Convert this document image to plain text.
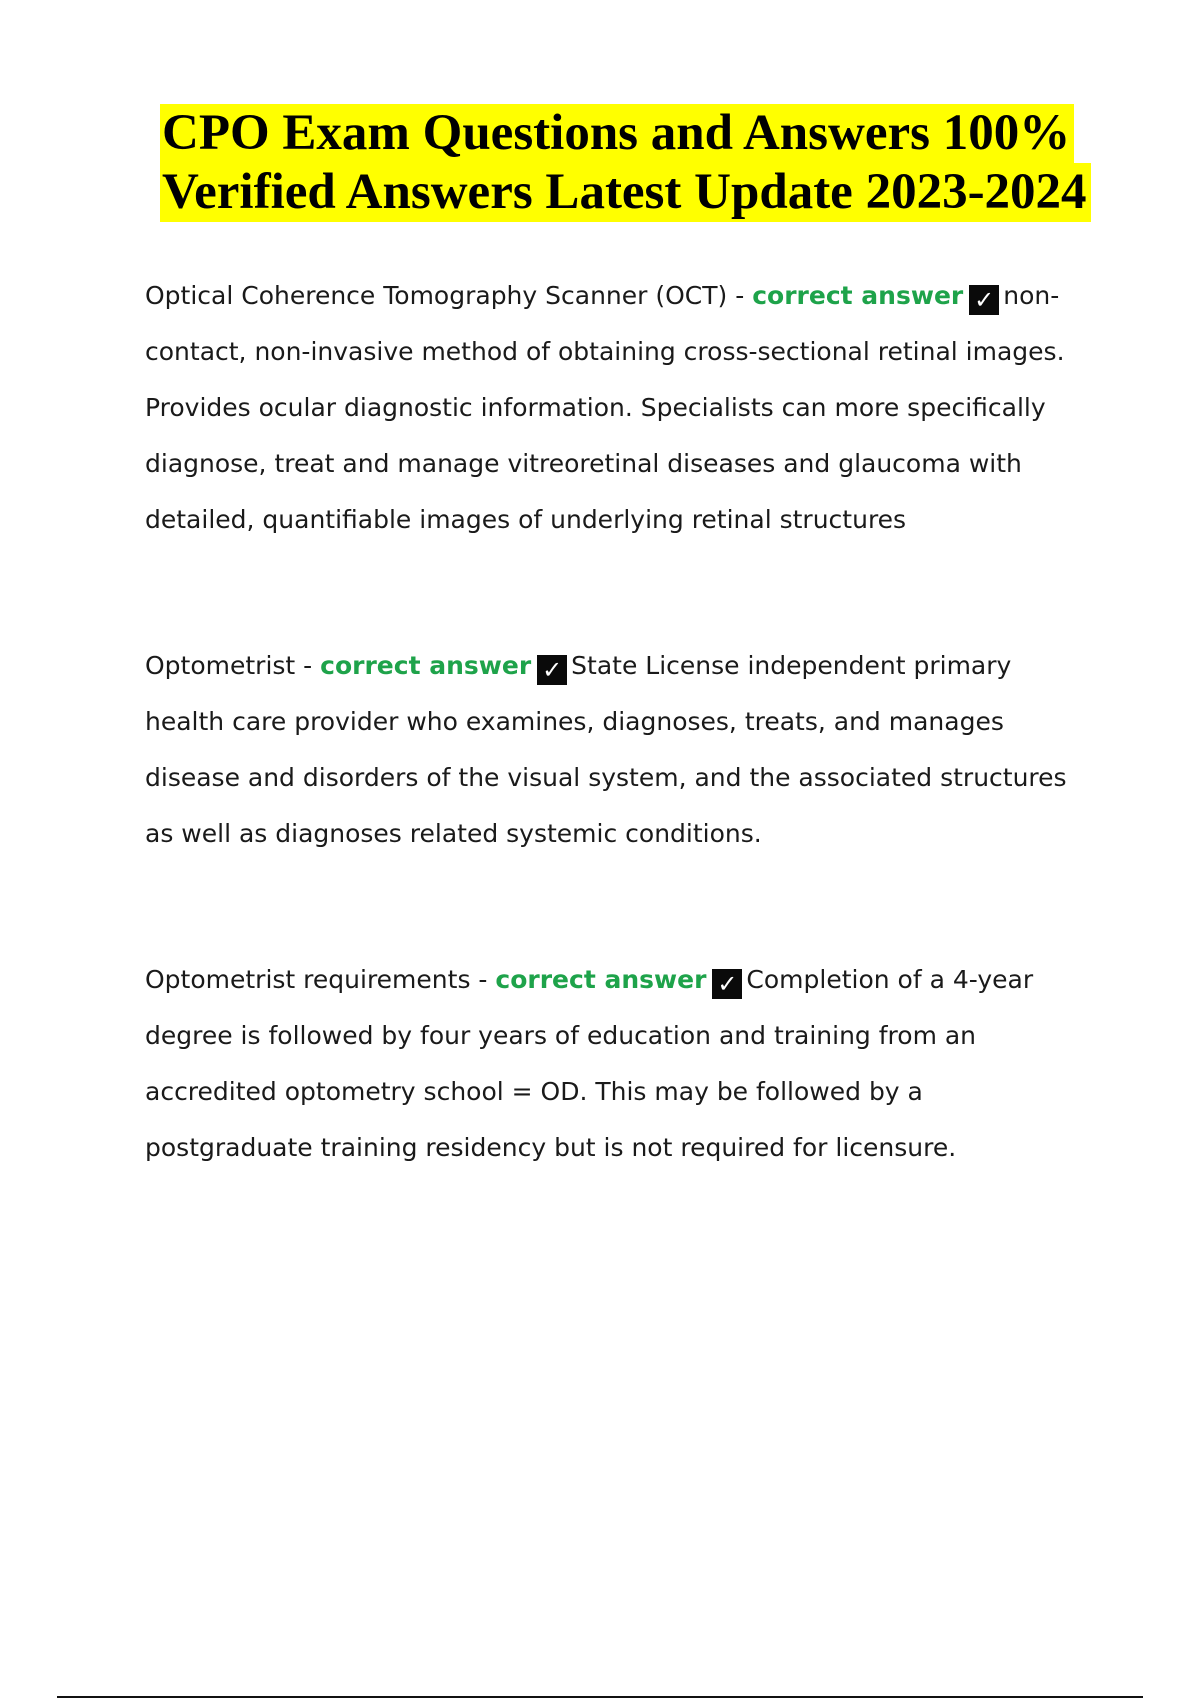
CPO Exam Questions and Answers 100%
Verified Answers Latest Update 2023-2024

Optical Coherence Tomography Scanner (OCT) - correct answer ✓ non-contact, non-invasive method of obtaining cross-sectional retinal images. Provides ocular diagnostic information. Specialists can more specifically diagnose, treat and manage vitreoretinal diseases and glaucoma with detailed, quantifiable images of underlying retinal structures

Optometrist - correct answer ✓ State License independent primary health care provider who examines, diagnoses, treats, and manages disease and disorders of the visual system, and the associated structures as well as diagnoses related systemic conditions.

Optometrist requirements - correct answer ✓ Completion of a 4-year degree is followed by four years of education and training from an accredited optometry school = OD. This may be followed by a postgraduate training residency but is not required for licensure.
